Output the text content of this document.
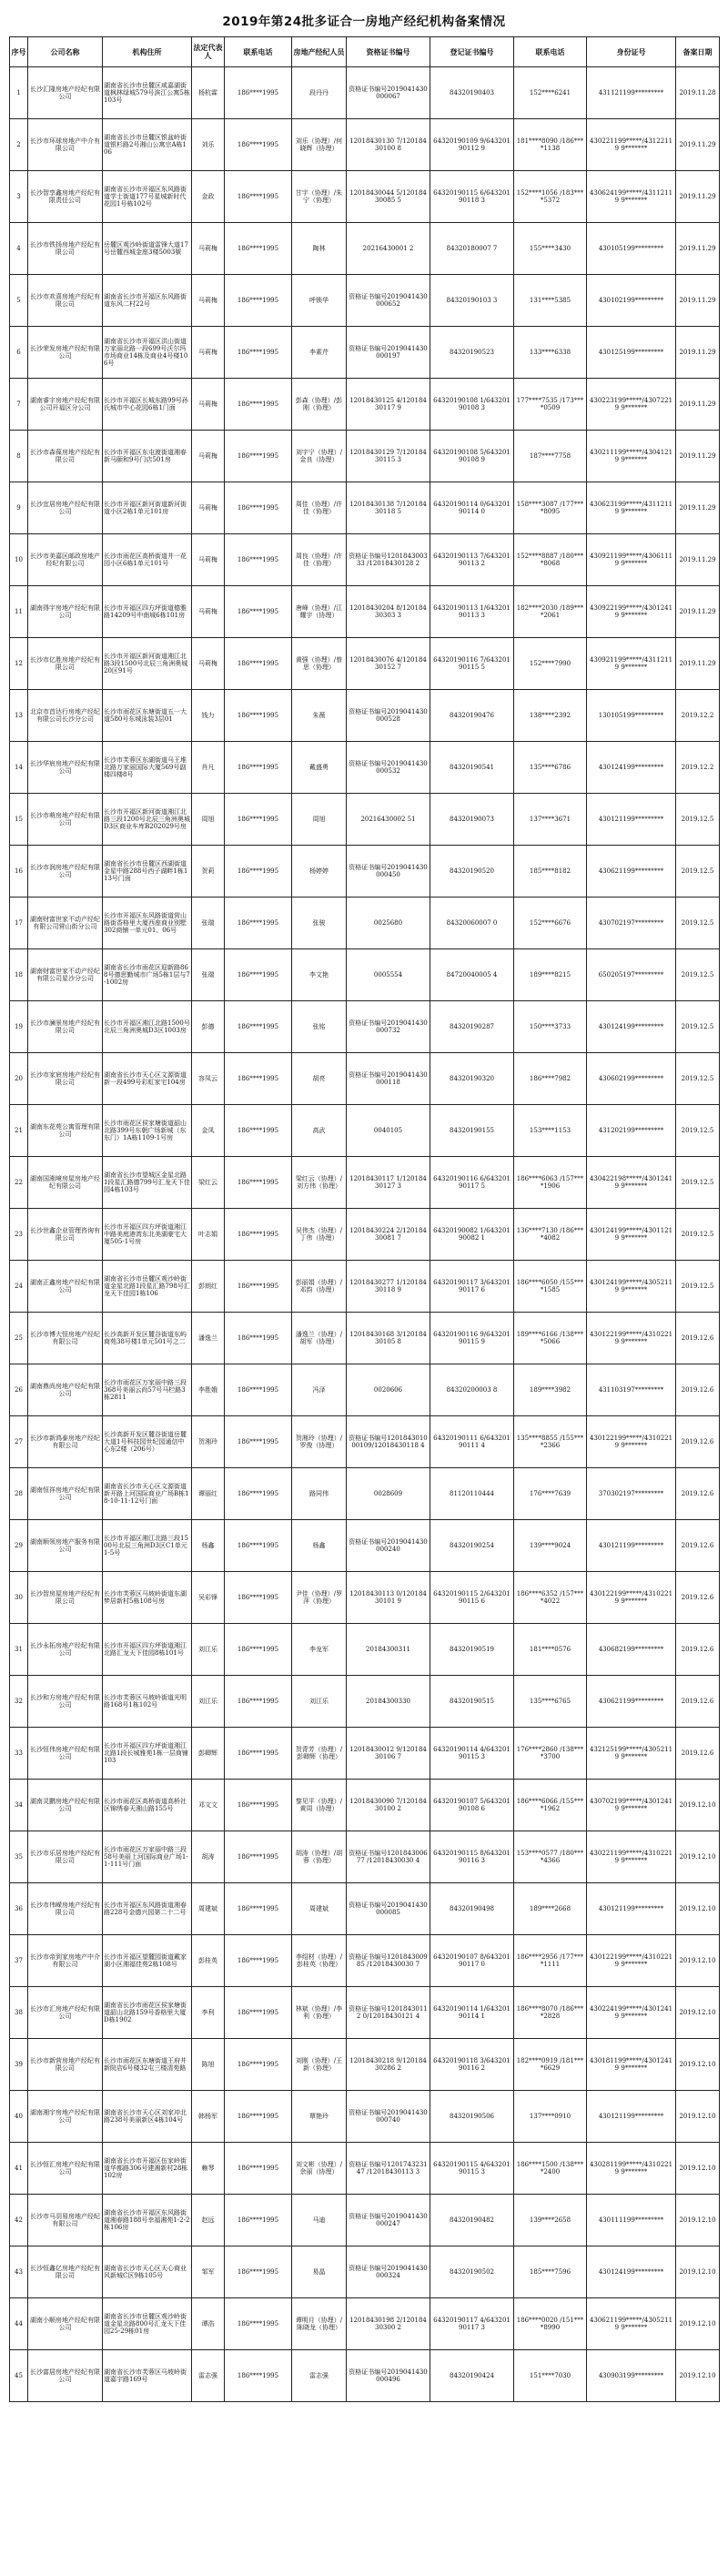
2019年第24批多证合一房地产经纪机构备案情况
序号	公司名称	机构住所	法定代表人	联系电话	房地产经纪人员	资格证书编号	登记证书编号	联系电话	身份证号	备案日期
1	长沙汇隆房地产经纪有限公司	湖南省长沙市岳麓区咸嘉湖街道枫林绿城579号滨江公寓5栋103号	杨杭霖	186****1995	段丹丹	资格证书编号2019041430000067	84320190403	152****6241	431121199*********	2019.11.28
2	长沙市环球房地产中介有限公司	湖南省长沙市岳麓区银盆岭街道银杉路2号湘山公寓宗A栋106	刘乐	186****1995	刘乐（协理）/何晓辉（协理）	12018430130 7/12018430100 8	64320190109 9/64320190112 9	181****8090 /186****1138	430221199*****/43122119 9*******	2019.11.29
3	长沙智享鑫房地产经纪有限责任公司	湖南省长沙市开福区东风路街道学士街道177号星城新时代花园1号栋102号	金政	186****1995	甘宇（协理）/朱宁（协理）	12018430044 5/12018430085 5	64320190115 6/64320190118 3	152****1056 /183****5372	430624199*****/43112119 9*******	2019.11.29
4	长沙市铁扬房地产经纪有限公司	岳麓区观沙岭街道雷锋大道17号岳麓西城金座3楼5003號	马莉梅	186****1995	陶林	20216430001 2	84320180007 7	155****3430	430105199*********	2019.11.29
5	长沙市欢喜房地产经纪有限公司	湖南省长沙市开福区东风路街道东风二村22号	马莉梅	186****1995	呼锁华	资格证书编号2019041430000652	84320190103 3	131****5385	430102199*********	2019.11.29
6	长沙荣发房地产经纪有限公司	湖南省长沙市开福区洪山街道万家丽北路一段699号沃尔玛市场商业14栋及商业4号楼106号	马莉梅	186****1995	李素芹	资格证书编号2019041430000197	84320190523	133****6338	430125199*********	2019.11.29
7	湖南睿宇房地产经纪有限公司开福区分公司	长沙市开福区长城东路99号孙氏城市中心花园6栋1门面	马莉梅	186****1995	彭森（协理）/彭刚（协理）	12018430125 4/12018430117 9	64320190108 1/64320190108 3	177****7535 /173****0509	430223199*****/43072219 9*******	2019.11.29
8	长沙市森葆房地产经纪有限公司	长沙市开福区东屯渡街道湘春新马颐和9号门店501房	马莉梅	186****1995	刘宇宁（协理）/金良（协理）	12018430129 7/12018430115 3	64320190108 5/64320190108 9	187****7758	430211199*****/43041219 9*******	2019.11.29
9	长沙宜居房地产经纪有限公司	长沙市开福区新河街道新河街道小区2栋1单元101房	马莉梅	186****1995	周佳（协理）/许佳（协理）	12018430138 7/12018430118 5	64320190114 0/64320190114 0	158****3087 /177****8095	430623199*****/43112119 9*******	2019.11.29
10	长沙市美嘉区邮政房地产经纪有限公司	长沙市雨花区高桥街道井一花园小区6栋1单元101号	马莉梅	186****1995	周良（协理）/许佳（协理）	资格证书编号120184300333 /12018430128 2	64320190113 7/64320190113 2	152****8887 /180****8068	430921199*****/43061119 9*******	2019.11.29
11	湖南得宇房地产经纪有限公司	长沙市开福区四方坪街道德雅路14209号中南城6栋101房	马莉梅	186****1995	唐峰（协理）/江耀宇（协理）	12018430204 8/12018430303 3	64320190113 1/64320190113 3	182****2030 /189****2061	430922199*****/43012419 9*******	2019.11.29
12	长沙市亿胜房地产经纪有限公司	长沙市开福区新河街道湘江北路3段1500号北辰三角洲奥城20区91号	马莉梅	186****1995	黄强（协理）/曾思（协理）	12018430076 4/12018430152 7	64320190116 7/64320190115 5	152****7990	430921199*****/43112119 9*******	2019.11.29
13	北京市首达行房地产经纪有限公司长沙分公司	长沙市雨花区东塘街道五一大道580号东城泳装3层01	钱力	186****1995	朱薇	资格证书编号2019041430000528	84320190476	138****2392	130105199*********	2019.12.2
14	长沙华宸房地产经纪有限公司	长沙市芙蓉区东湖街道马王堆北路万家丽国际大厦569号副楼四楼8号	肖凡	186****1995	戴盛勇	资格证书编号2019041430000532	84320190541	135****6786	430124199*********	2019.12.2
15	长沙市萌房地产经纪有限公司	长沙市开福区新河街道湘江北路三段1200号北辰三角洲奥城D3区商业车库B202029号房	周旭	186****1995	周旭	20216430002 51	84320190073	137****3671	430121199*********	2019.12.5
16	长沙市润房地产经纪有限公司	湖南省长沙市岳麓区西湖街道金星中路288号西子湖畔1栋113号门面	贺莉	186****1995	杨婷婷	资格证书编号2019041430000450	84320190520	185****8182	430621199*********	2019.12.5
17	湖南财富世家不动产经纪有限公司营山街分公司	长沙市开福区东风路街道营山路街香格里大厦西座商业别墅302商铺一单元01、06号	张瑞	186****1995	张骏	0025680	84320060007 0	152****6676	430702197*********	2019.12.5
18	湖南财富世家不动产经纪有限公司星沙分公司	湖南省长沙市雨花区迎新路868号德思勤城市广场5栋1层与7-1002房	张瑞	186****1995	李文艳	0005554	84720040005 4	189****8215	650205197*********	2019.12.5
19	长沙市澜景房地产经纪有限公司	长沙市开福区湘江北路1500号北辰三角洲奥城D3区1003房	彭德	186****1995	张铭	资格证书编号2019041430000732	84320190287	150****3733	430124199*********	2019.12.5
20	长沙市家宸房地产经纪有限公司	湖南省长沙市天心区文源街道新一段499号彩虹家宅104房	容凤云	186****1995	胡亮	资格证书编号2019041430000118	84320190320	186****7982	430602199*********	2019.12.5
21	湖南东花苑公寓管理有限公司	长沙市雨花区侯家塘街道韶山北路399号东朝广场新城（东东门）1A栋1109-1号房	金凤	186****1995	高武	0040105	84320190155	153****1153	431202199*********	2019.12.5
22	湖南国湘境房屋房地产经纪有限公司	湖南省长沙市望城区金星北路1段星汇路德799号汇龙天下佳园4栋103号	梁红云	186****1995	梁红云（协理）/刘方伟（协理）	12018430117 1/12018430127 3	64320190116 6/64320190117 5	186****6063 /157****1906	430422198*****/43012419 9*******	2019.12.5
23	长沙世鑫企业管理咨询有限公司	长沙市开福区四方坪街道湘江中路美庭港湾东北美湖豪宅大厦505-1号房	叶志娟	186****1995	吴伟杰（协理）/丁伟（协理）	12018430224 2/12018430081 7	64320190082 1/64320190082 1	136****7130 /186****4082	430124199*****/43011219 9*******	2019.12.5
24	湖南正鑫房地产经纪有限公司	湖南省长沙市岳麓区观沙岭街道金星北路1段星汇路798号汇龙天下佳园1栋106	彭朗红	186****1995	彭丽娟（协理）/邓韵（协理）	12018430277 1/12018430118 9	64320190117 3/64320190117 6	186****6050 /155****1585	430124199*****/43052119 9*******	2019.12.5
25	长沙市博大恒房地产经纪有限公司	长沙高新开发区麓谷街道东屿商苑38号楼1单元501号之二	潘逸兰	186****1995	潘逸兰（协理）/胡军（协理）	12018430168 3/12018430105 8	64320190116 9/64320190115 9	189****6166 /138****5066	430122199*****/43102219 9*******	2019.12.6
26	湖南鼎尚房地产经纪有限公司	长沙市雨花区万家丽中路三段368号美丽云尚57号马栏路3栋2811	李胜娥	186****1995	冯泽	0020606	84320200003 8	189****3982	431103197*********	2019.12.6
27	长沙市新鸿泰房地产经纪有限公司	长沙高新开发区麓谷街道岳麓大道1号科技园世纪园通信中心东2楼（206号）	贺湘玲	186****1995	贺湘玲（协理）/罗俊（协理）	资格证书编号120184301000109/12018430118 4	64320190111 6/64320190111 4	135****8855 /155****2366	430122199*****/43102219 9*******	2019.12.6
28	湖南恒祥房地产经纪有限公司	湖南省长沙市天心区文源街道新开路上河国际商业广场B栋18-10-11-12号门面	谭丽红	186****1995	路同伟	0028609	81120110444	176****7639	370302197*********	2019.12.6
29	湖南顺领房地产服务有限公司	长沙市开福区湘江北路三段1500号北辰三角洲D3区C1单元1-5号	杨鑫	186****1995	杨鑫	资格证书编号2019041430000240	84320190254	139****9024	430121199*********	2019.12.6
30	长沙智房屋房地产经纪有限公司	长沙市芙蓉区马坡岭街道东湖梦居新村5栋108号房	吴彩锋	186****1995	尹佳（协理）/罗萍（协理）	12018430113 0/12018430101 9	64320190115 2/64320190115 6	186****6352 /157****4022	430122199*****/43102219 9*******	2019.12.6
31	长沙永拓房地产经纪有限公司	长沙市开福区四方坪街道湘江北路汇龙天下佳园8栋101号	刘江乐	186****1995	李龙军	20184300311	84320190519	181****0576	430682199*********	2019.12.6
32	长沙和方房地产经纪有限公司	长沙市芙蓉区马坡岭街道光明路168号1栋102号	刘江乐	186****1995	刘江乐	20184300330	84320190515	135****6765	430621199*********	2019.12.6
33	长沙恒伟房地产经纪有限公司	长沙市开福区四方坪街道湘江北路1段长城雅苑1栋一层商铺103	彭卿辉	186****1995	贺青芳（协理）/彭卿辉（协理）	12018430012 9/12018430106 7	64320190114 4/64320190115 3	176****2860 /138****3700	432125199*****/43052119 9*******	2019.12.6
34	湖南灵鹏房地产经纪有限公司	长沙市雨花区高桥街道高桥社区锦绣春天湘山路155号	邓文文	186****1995	黎见平（协理）/黄周（协理）	12018430090 7/12018430100 2	64320190107 5/64320190108 6	186****6066 /155****1962	430702199*****/43012419 9*******	2019.12.10
35	长沙市乐居房地产经纪有限公司	长沙市雨花区万家丽中路三段58号美丽上河国际商业广场1-1-111号门面	胡涛	186****1995	胡涛（协理）/胡蓉（协理）	资格证书编号120184300677 /12018430030 4	64320190115 8/64320190116 3	153****0577 /180****4366	430221199*****/43102219 9*******	2019.12.10
36	长沙市伟嵘房地产经纪有限公司	长沙市开福区东风路街道湘春路228号金德兴园第二十二号	周建斌	186****1995	周建斌	资格证书编号2019041430000085	84320190498	189****2668	430121199*********	2019.12.10
37	长沙市帝到家房地产中介有限公司	长沙市开福区望麓园街道戴家湖小区湘福佳苑2栋108号	彭桂英	186****1995	李绍材（协理）/彭桂英（协理）	资格证书编号120184300985 /12018430030 7	64320190107 8/64320190117 0	186****2956 /177****1111	430122199*****/43102219 9*******	2019.12.10
38	长沙市汇房地产经纪有限公司	湖南省长沙市雨花区侯家塘街道韶山北路159号香格里大厦D栋1902	李利	186****1995	林斌（协理）/李利（协理）	资格证书编号12018430112 0/12018430121 4	64320190114 1/64320190114 1	186****8070 /186****2828	430224199*****/43012419 9*******	2019.12.10
39	长沙市新营房地产经纪有限公司	长沙市雨花区东塘街道王府井新院店6号楼32屯三楼清苑路	陈旭	186****1995	刘刚（协理）/王新（协理）	12018430218 9/12018430286 2	64320190118 3/64320190116 2	182****0919 /181****6629	430181199*****/43012419 9*******	2019.12.10
40	湖南湘宇房地产经纪有限公司	湖南省长沙市天心区刘家冲北路238号美丽新区4栋104号	韩杨军	186****1995	覃艳玲	资格证书编号2019041430000740	84320190506	137****0910	430121199*********	2019.12.10
41	长沙恒汇房地产经纪有限公司	湖南省长沙市开福区伍家岭街道华都路306号建湘新村28栋102房	赖琴	186****1995	刘文彬（协理）/余丽（协理）	资格证书编号120174323147 /12018430113 3	64320190115 4/64320190115 3	186****1500 /138****2400	430281199*****/43102219 9*******	2019.12.10
42	长沙市马羽易房地产经纪有限公司	湖南省长沙市开福区东风路街道湘春路188号幸福湘苑1-2-2栋106房	赵远	186****1995	马迪	资格证书编号2019041430000247	84320190482	139****2658	430111199*********	2019.12.10
43	长沙恒鑫亿房地产经纪有限公司	湖南省长沙市天心区天心商业风新城C区9栋105号	邹军	186****1995	易晶	资格证书编号2019041430000324	84320190502	185****7596	430124199*********	2019.12.10
44	湖南小顺房地产经纪有限公司	湖南省长沙市岳麓区观沙岭街道金星北路800号汇龙天下佳园25-29栋01房	谭浩	186****1995	谭明月（协理）/陈晓龙（协理）	12018430198 2/12018430300 2	64320190117 4/64320190117 3	186****0020 /151****8990	430621199*****/43052119 9*******	2019.12.10
45	长沙富居房地产经纪有限公司	湖南省长沙市芙蓉区马坡岭街道嘉宇路169号	雷志强	186****1995	雷志强	资格证书编号2019041430000496	84320190424	151****7030	430903199*********	2019.12.10
